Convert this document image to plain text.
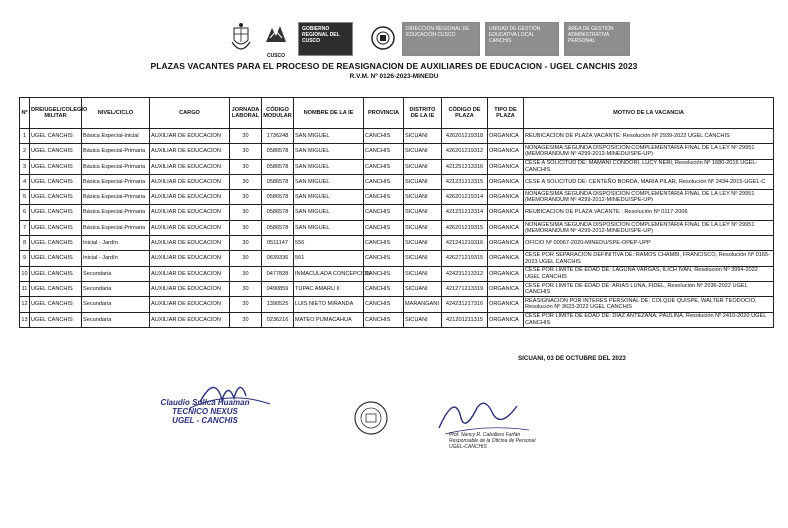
CUSCO
GOBIERNO REGIONAL DEL CUSCO
DIRECCIÓN REGIONAL DE EDUCACIÓN CUSCO
UNIDAD DE GESTIÓN EDUCATIVA LOCAL CANCHIS
ÁREA DE GESTIÓN ADMINISTRATIVA PERSONAL
PLAZAS VACANTES PARA EL PROCESO DE REASIGNACION DE AUXILIARES DE EDUCACION - UGEL CANCHIS 2023
R.V.M. Nº 0126-2023-MINEDU
Nº	DRE/UGEL/COLEGIO MILITAR	NIVEL/CICLO	CARGO	JORNADA LABORAL	CÓDIGO MODULAR	NOMBRE DE LA IE	PROVINCIA	DISTRITO DE LA IE	CÓDIGO DE PLAZA	TIPO DE PLAZA	MOTIVO DE LA VACANCIA
1	UGEL CANCHIS	Básica Especial-Inicial	AUXILIAR DE EDUCACION	30	1736248	SAN MIGUEL	CANCHIS	SICUANI	426201219318	ORGANICA	REUBICACION DE PLAZA VACANTE: Resolución Nº 2939-2022 UGEL CANCHIS
2	UGEL CANCHIS	Básica Especial-Primaria	AUXILIAR DE EDUCACION	30	0586578	SAN MIGUEL	CANCHIS	SICUANI	426201219312	ORGANICA	NONAGESIMA SEGUNDA DISPOSICION COMPLEMENTARIA FINAL DE LA LEY Nº 29951 (MEMORANDUM Nº 4299-2012-MINEDU/SPE-UP)
3	UGEL CANCHIS	Básica Especial-Primaria	AUXILIAR DE EDUCACION	30	0586578	SAN MIGUEL	CANCHIS	SICUANI	421251213316	ORGANICA	CESE A SOLICITUD DE: MAMANI CONDORI, LUCY NERI, Resolución Nº 1680-2016 UGEL-CANCHIS
4	UGEL CANCHIS	Básica Especial-Primaria	AUXILIAR DE EDUCACION	30	0586578	SAN MIGUEL	CANCHIS	SICUANI	421231213315	ORGANICA	CESE A SOLICITUD DE: CENTEÑO BORDA, MARIA PILAR, Resolución Nº 2434-2015-UGEL-C
5	UGEL CANCHIS	Básica Especial-Primaria	AUXILIAR DE EDUCACION	30	0586578	SAN MIGUEL	CANCHIS	SICUANI	426201219314	ORGANICA	NONAGESIMA SEGUNDA DISPOSICION COMPLEMENTARIA FINAL DE LA LEY Nº 29951 (MEMORANDUM Nº 4299-2012-MINEDU/SPE-UP)
6	UGEL CANCHIS	Básica Especial-Primaria	AUXILIAR DE EDUCACION	30	0586578	SAN MIGUEL	CANCHIS	SICUANI	421231213314	ORGANICA	REUBICACION DE PLAZA VACANTE : Resolución Nº 0117-2006
7	UGEL CANCHIS	Básica Especial-Primaria	AUXILIAR DE EDUCACION	30	0586578	SAN MIGUEL	CANCHIS	SICUANI	426201219315	ORGANICA	NONAGESIMA SEGUNDA DISPOSICION COMPLEMENTARIA FINAL DE LA LEY Nº 29951 (MEMORANDUM Nº 4299-2012-MINEDU/SPE-UP)
8	UGEL CANCHIS	Inicial - Jardín	AUXILIAR DE EDUCACION	30	0511147	556	CANCHIS	SICUANI	421241219316	ORGANICA	OFICIO Nº 00067-2020-MINEDU/SPE-OPEP-UPP
9	UGEL CANCHIS	Inicial - Jardín	AUXILIAR DE EDUCACION	30	0639336	561	CANCHIS	SICUANI	426271219315	ORGANICA	CESE POR SEPARACION DEFINITIVA DE: RAMOS CHAMBI, FRANCISCO, Resolución Nº 0165-2023 UGEL CANCHIS
10	UGEL CANCHIS	Secundaria	AUXILIAR DE EDUCACION	30	0477828	INMACULADA CONCEPCION	CANCHIS	SICUANI	424231213312	ORGANICA	CESE POR LIMITE DE EDAD DE: LAGUNA VARGAS, ILICH IVAN, Resolución Nº 3994-2022 UGEL CANCHIS
11	UGEL CANCHIS	Secundaria	AUXILIAR DE EDUCACION	30	0490859	TUPAC AMARU II	CANCHIS	SICUANI	421271213319	ORGANICA	CESE POR LIMITE DE EDAD DE: ARIAS LUNA, FIDEL, Resolución Nº 2036-2022 UGEL CANCHIS
12	UGEL CANCHIS	Secundaria	AUXILIAR DE EDUCACION	30	1390525	LUIS NIETO MIRANDA	CANCHIS	MARANGANI	424231217316	ORGANICA	REASIGNACION POR INTERES PERSONAL DE: COLQUE QUISPE, WALTER TEODOCIO, Resolución Nº 3623-2022 UGEL CANCHIS
13	UGEL CANCHIS	Secundaria	AUXILIAR DE EDUCACION	30	0236216	MATEO PUMACAHUA	CANCHIS	SICUANI	421201211315	ORGANICA	CESE POR LIMITE DE EDAD DE: DIAZ ANTEZANA, PAULINA, Resolución Nº 2410-2020 UGEL CANCHIS
SICUANI, 03 DE OCTUBRE DEL 2023
Claudio Sullca Huaman
TECNICO NEXUS
UGEL - CANCHIS
Prof. Nancy R. Caballero Farfán
Responsable de la Oficina de Personal
UGEL-CANCHIS
